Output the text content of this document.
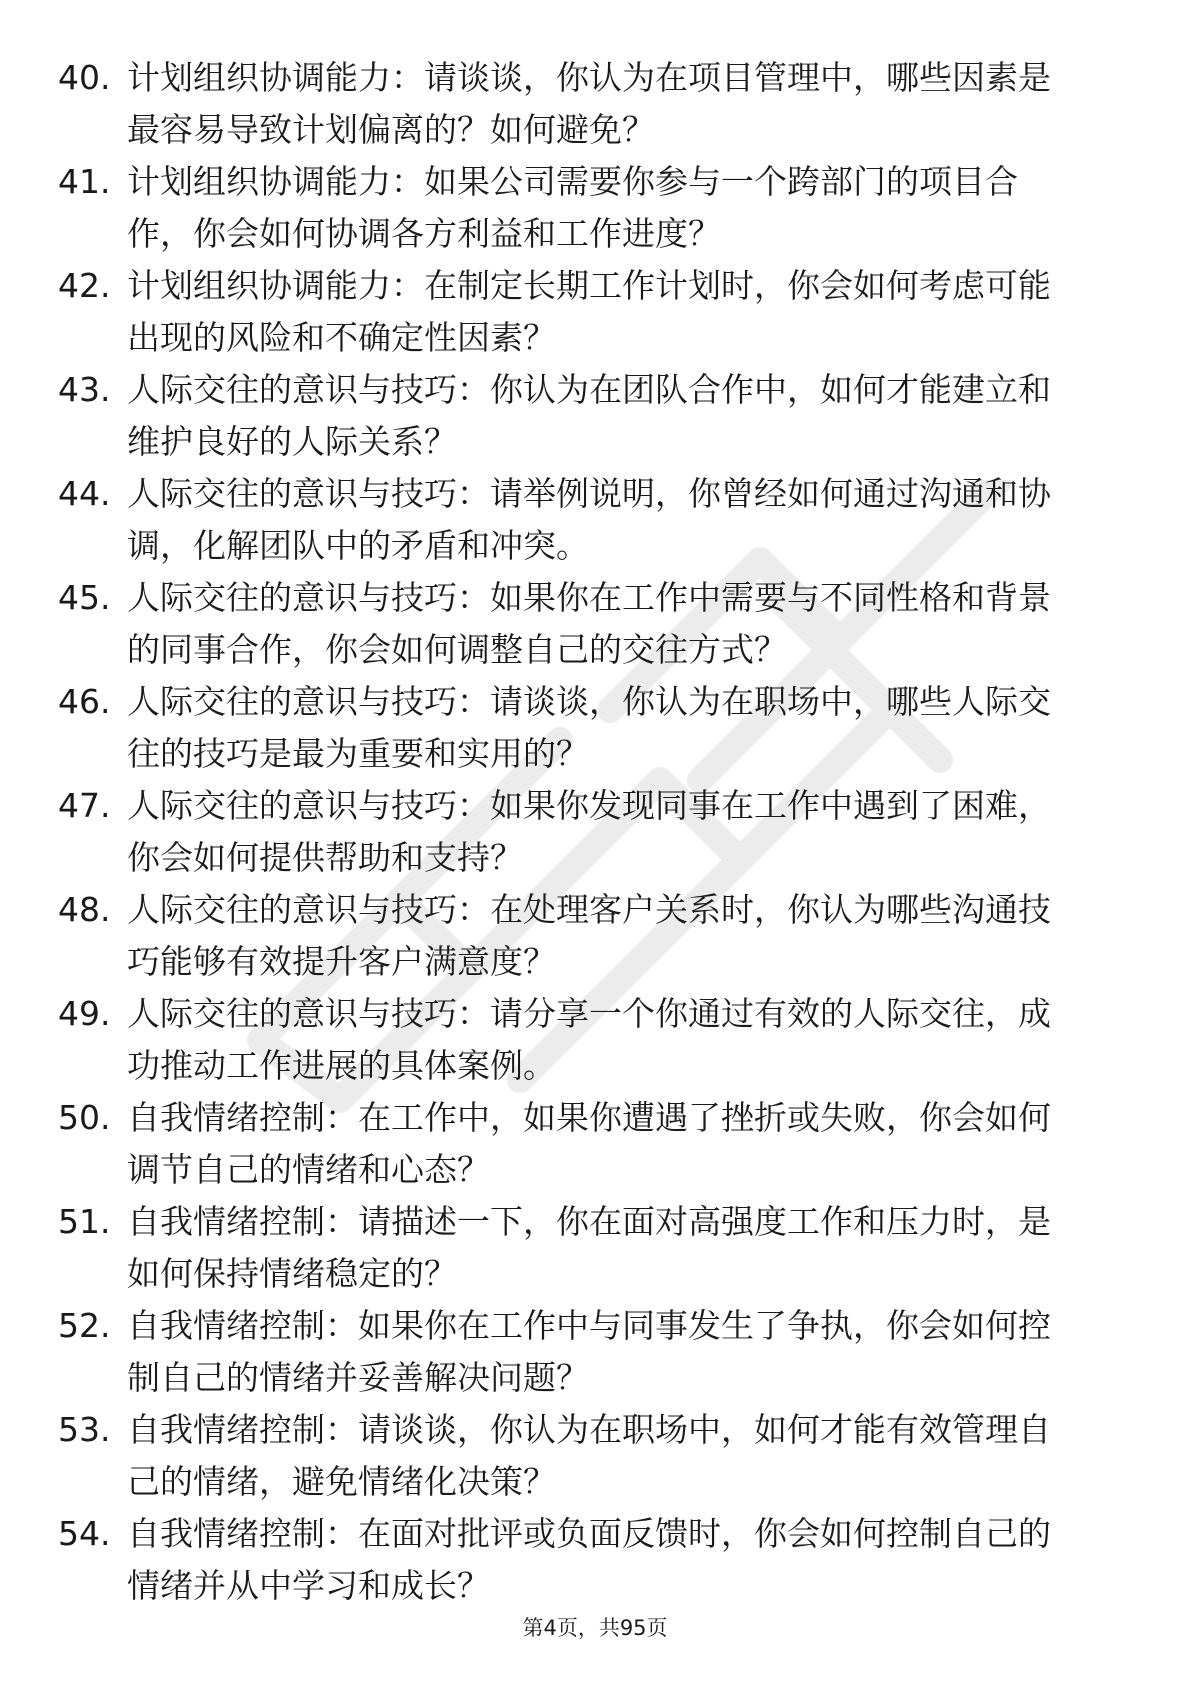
40. 计划组织协调能力：请谈谈，你认为在项目管理中，哪些因素是
最容易导致计划偏离的？如何避免？
41. 计划组织协调能力：如果公司需要你参与一个跨部门的项目合
作，你会如何协调各方利益和工作进度？
42. 计划组织协调能力：在制定长期工作计划时，你会如何考虑可能
出现的风险和不确定性因素？
43. 人际交往的意识与技巧：你认为在团队合作中，如何才能建立和
维护良好的人际关系？
44. 人际交往的意识与技巧：请举例说明，你曾经如何通过沟通和协
调，化解团队中的矛盾和冲突。
45. 人际交往的意识与技巧：如果你在工作中需要与不同性格和背景
的同事合作，你会如何调整自己的交往方式？
46. 人际交往的意识与技巧：请谈谈，你认为在职场中，哪些人际交
往的技巧是最为重要和实用的？
47. 人际交往的意识与技巧：如果你发现同事在工作中遇到了困难，
你会如何提供帮助和支持？
48. 人际交往的意识与技巧：在处理客户关系时，你认为哪些沟通技
巧能够有效提升客户满意度？
49. 人际交往的意识与技巧：请分享一个你通过有效的人际交往，成
功推动工作进展的具体案例。
50. 自我情绪控制：在工作中，如果你遭遇了挫折或失败，你会如何
调节自己的情绪和心态？
51. 自我情绪控制：请描述一下，你在面对高强度工作和压力时，是
如何保持情绪稳定的？
52. 自我情绪控制：如果你在工作中与同事发生了争执，你会如何控
制自己的情绪并妥善解决问题？
53. 自我情绪控制：请谈谈，你认为在职场中，如何才能有效管理自
己的情绪，避免情绪化决策？
54. 自我情绪控制：在面对批评或负面反馈时，你会如何控制自己的
情绪并从中学习和成长？
第4页，共95页
